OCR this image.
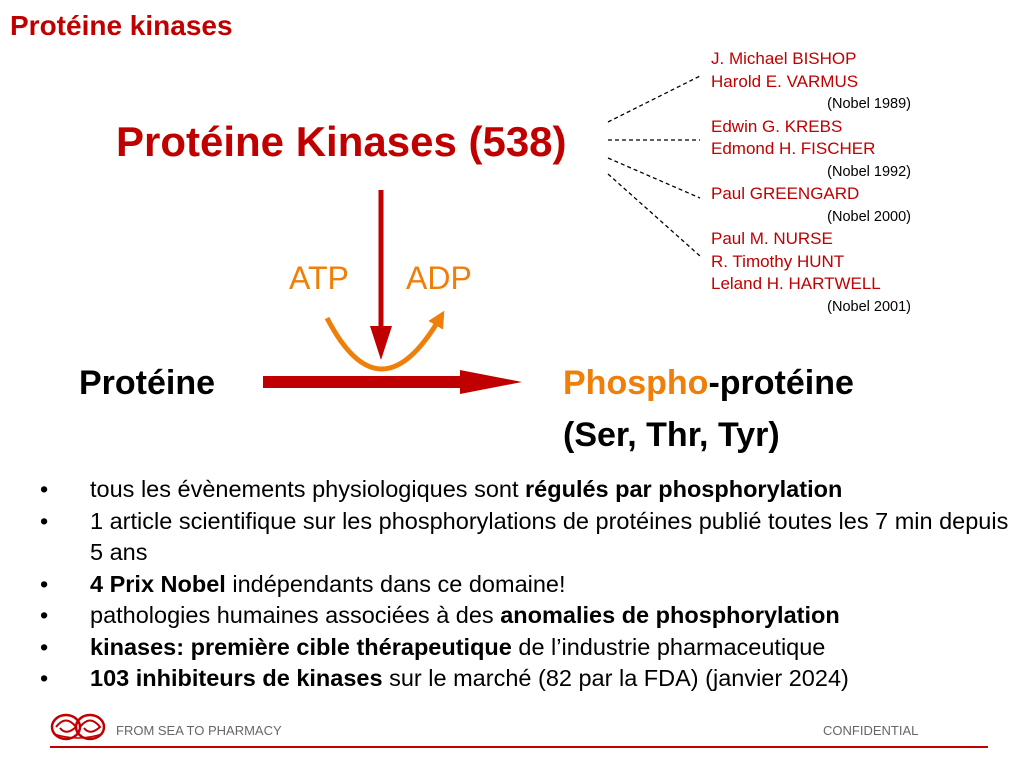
Protéine kinases
Protéine Kinases (538)
ATP ADP
Protéine	Phospho-protéine
(Ser, Thr, Tyr)
J. Michael BISHOP
Harold E. VARMUS
(Nobel 1989)
Edwin G. KREBS
Edmond H. FISCHER
(Nobel 1992)
Paul GREENGARD
(Nobel 2000)
Paul M. NURSE
R. Timothy HUNT
Leland H. HARTWELL
(Nobel 2001)
• tous les évènements physiologiques sont régulés par phosphorylation
• 1 article scientifique sur les phosphorylations de protéines publié toutes les 7 min depuis 5 ans
• 4 Prix Nobel indépendants dans ce domaine!
• pathologies humaines associées à des anomalies de phosphorylation
• kinases: première cible thérapeutique de l’industrie pharmaceutique
• 103 inhibiteurs de kinases sur le marché (82 par la FDA) (janvier 2024)
FROM SEA TO PHARMACY	CONFIDENTIAL
